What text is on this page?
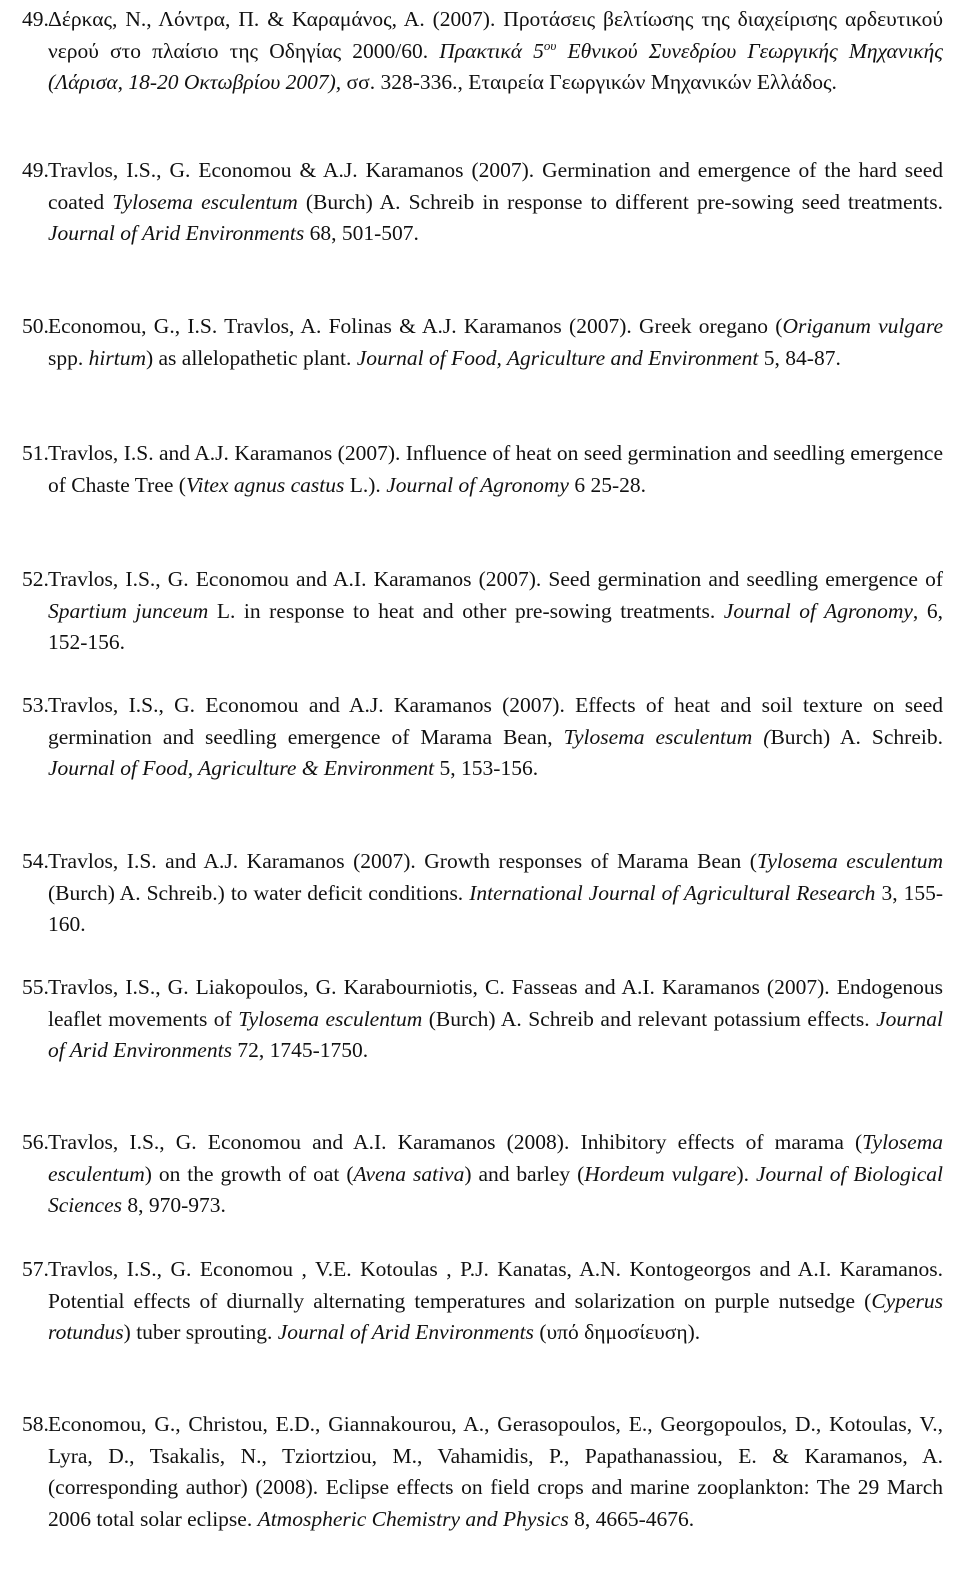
49. Δέρκας, Ν., Λόντρα, Π. & Καραμάνος, Α. (2007). Προτάσεις βελτίωσης της διαχείρισης αρδευτικού νερού στο πλαίσιο της Οδηγίας 2000/60. Πρακτικά $5^{o\upsilon}$ Εθνικού Συνεδρίου Γεωργικής Μηχανικής (Λάρισα, 18-20 Οκτωβρίου 2007), σσ. 328-336., Εταιρεία Γεωργικών Μηχανικών Ελλάδος.
49. Travlos, I.S., G. Economou & A.J. Karamanos (2007). Germination and emergence of the hard seed coated Tylosema esculentum (Burch) A. Schreib in response to different pre-sowing seed treatments. Journal of Arid Environments 68, 501-507.
50. Economou, G., I.S. Travlos, A. Folinas & A.J. Karamanos (2007). Greek oregano (Origanum vulgare spp. hirtum) as allelopathetic plant. Journal of Food, Agriculture and Environment 5, 84-87.
51. Travlos, I.S. and A.J. Karamanos (2007). Influence of heat on seed germination and seedling emergence of Chaste Tree (Vitex agnus castus L.). Journal of Agronomy 6 25-28.
52. Travlos, I.S., G. Economou and A.I. Karamanos (2007). Seed germination and seedling emergence of Spartium junceum L. in response to heat and other pre-sowing treatments. Journal of Agronomy, 6, 152-156.
53. Travlos, I.S., G. Economou and A.J. Karamanos (2007). Effects of heat and soil texture on seed germination and seedling emergence of Marama Bean, Tylosema esculentum (Burch) A. Schreib. Journal of Food, Agriculture & Environment 5, 153-156.
54. Travlos, I.S. and A.J. Karamanos (2007). Growth responses of Marama Bean (Tylosema esculentum (Burch) A. Schreib.) to water deficit conditions. International Journal of Agricultural Research 3, 155-160.
55. Travlos, I.S., G. Liakopoulos, G. Karabourniotis, C. Fasseas and A.I. Karamanos (2007). Endogenous leaflet movements of Tylosema esculentum (Burch) A. Schreib and relevant potassium effects. Journal of Arid Environments 72, 1745-1750.
56. Travlos, I.S., G. Economou and A.I. Karamanos (2008). Inhibitory effects of marama (Tylosema esculentum) on the growth of oat (Avena sativa) and barley (Hordeum vulgare). Journal of Biological Sciences 8, 970-973.
57. Travlos, I.S., G. Economou , V.E. Kotoulas , P.J. Kanatas, A.N. Kontogeorgos and A.I. Karamanos. Potential effects of diurnally alternating temperatures and solarization on purple nutsedge (Cyperus rotundus) tuber sprouting. Journal of Arid Environments (υπό δημοσίευση).
58. Economou, G., Christou, E.D., Giannakourou, A., Gerasopoulos, E., Georgopoulos, D., Kotoulas, V., Lyra, D., Tsakalis, N., Tziortziou, M., Vahamidis, P., Papathanassiou, E. & Karamanos, A. (corresponding author) (2008). Eclipse effects on field crops and marine zooplankton: The 29 March 2006 total solar eclipse. Atmospheric Chemistry and Physics 8, 4665-4676.
